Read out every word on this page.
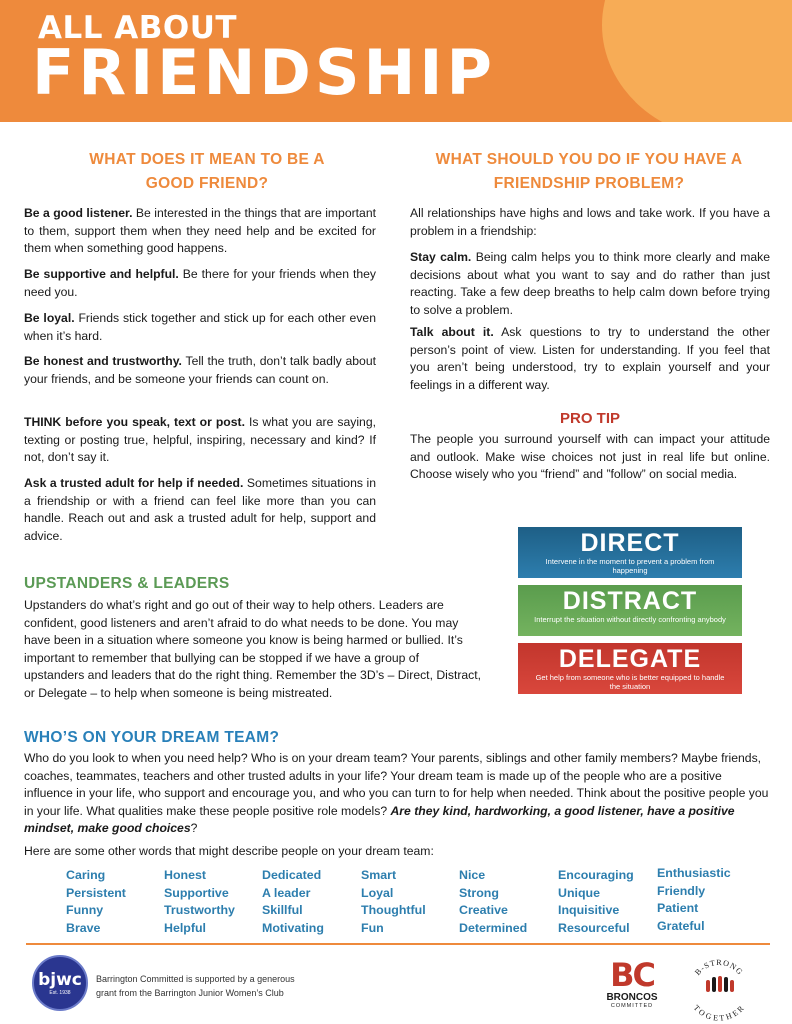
ALL ABOUT
FRIENDSHIP
WHAT DOES IT MEAN TO BE A
GOOD FRIEND?
Be a good listener. Be interested in the things that are important to them, support them when they need help and be excited for them when something good happens.
Be supportive and helpful. Be there for your friends when they need you.
Be loyal. Friends stick together and stick up for each other even when it’s hard.
Be honest and trustworthy. Tell the truth, don’t talk badly about your friends, and be someone your friends can count on.
THINK before you speak, text or post. Is what you are saying, texting or posting true, helpful, inspiring, necessary and kind? If not, don’t say it.
Ask a trusted adult for help if needed. Sometimes situations in a friendship or with a friend can feel like more than you can handle. Reach out and ask a trusted adult for help, support and advice.
WHAT SHOULD YOU DO IF YOU HAVE A
FRIENDSHIP PROBLEM?
All relationships have highs and lows and take work. If you have a problem in a friendship:
Stay calm. Being calm helps you to think more clearly and make decisions about what you want to say and do rather than just reacting. Take a few deep breaths to help calm down before trying to solve a problem.
Talk about it. Ask questions to try to understand the other person’s point of view. Listen for understanding. If you feel that you aren’t being understood, try to explain yourself and your feelings in a different way.
PRO TIP
The people you surround yourself with can impact your attitude and outlook. Make wise choices not just in real life but online. Choose wisely who you “friend” and ”follow” on social media.
DIRECT
Intervene in the moment to prevent a problem from happening
DISTRACT
Interrupt the situation without directly confronting anybody
DELEGATE
Get help from someone who is better equipped to handle the situation
UPSTANDERS & LEADERS
Upstanders do what’s right and go out of their way to help others. Leaders are confident, good listeners and aren’t afraid to do what needs to be done. You may have been in a situation where someone you know is being harmed or bullied. It’s important to remember that bullying can be stopped if we have a group of upstanders and leaders that do the right thing. Remember the 3D’s – Direct, Distract, or Delegate – to help when someone is being mistreated.
WHO’S ON YOUR DREAM TEAM?
Who do you look to when you need help? Who is on your dream team? Your parents, siblings and other family members? Maybe friends, coaches, teammates, teachers and other trusted adults in your life? Your dream team is made up of the people who are a positive influence in your life, who support and encourage you, and who you can turn to for help when needed. Think about the positive people you in your life. What qualities make these people positive role models? Are they kind, hardworking, a good listener, have a positive mindset, make good choices?
Here are some other words that might describe people on your dream team:
Caring
Persistent
Funny
Brave
Honest
Supportive
Trustworthy
Helpful
Dedicated
A leader
Skillful
Motivating
Smart
Loyal
Thoughtful
Fun
Nice
Strong
Creative
Determined
Encouraging
Unique
Inquisitive
Resourceful
Enthusiastic
Friendly
Patient
Grateful
bjwc
Est. 1938
Barrington Committed is supported by a generous grant from the Barrington Junior Women’s Club	BC
BRONCOS
COMMITTED
B-STRONG
TOGETHER
